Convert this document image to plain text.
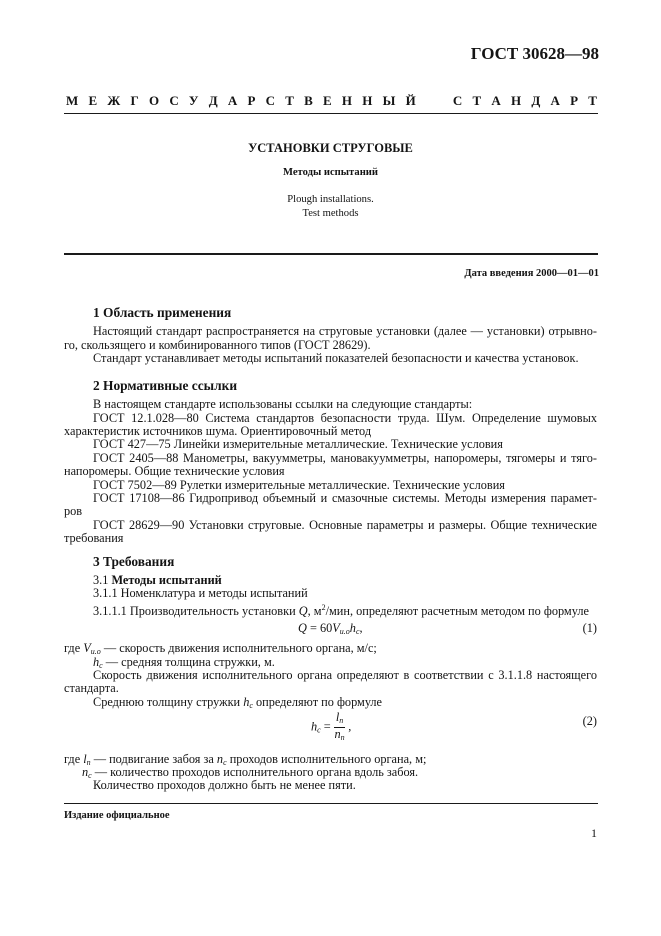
ГОСТ 30628—98
М Е Ж Г О С У Д А Р С Т В Е Н Н Ы Й

	С Т А Н Д А Р Т
УСТАНОВКИ СТРУГОВЫЕ
Методы испытаний
Plough installations.
Test methods
Дата введения 2000—01—01
1 Область применения
Настоящий стандарт распространяется на струговые установки (далее — установки) отрывно-
го, скользящего и комбинированного типов (ГОСТ 28629).
Стандарт устанавливает методы испытаний показателей безопасности и качества установок.
2 Нормативные ссылки
В настоящем стандарте использованы ссылки на следующие стандарты:
ГОСТ 12.1.028—80 Система стандартов безопасности труда. Шум. Определение шумовых
характеристик источников шума. Ориентировочный метод
ГОСТ 427—75 Линейки измерительные металлические. Технические условия
ГОСТ 2405—88 Манометры, вакуумметры, мановакуумметры, напоромеры, тягомеры и тяго-
напоромеры. Общие технические условия
ГОСТ 7502—89 Рулетки измерительные металлические. Технические условия
ГОСТ 17108—86 Гидропривод объемный и смазочные системы. Методы измерения парамет-
ров
ГОСТ 28629—90 Установки струговые. Основные параметры и размеры. Общие технические
требования
3 Требования
3.1 Методы испытаний
3.1.1 Номенклатура и методы испытаний
3.1.1.1 Производительность установки Q, $м^2$/мин, определяют расчетным методом по формуле
$Q = 60V_{и.о}h_с$,	(1)
где $V_{и.о}$ — скорость движения исполнительного органа, м/с;
$h_с$ — средняя толщина стружки, м.
Скорость движения исполнительного органа определяют в соответствии с 3.1.1.8 настоящего
стандарта.
Среднюю толщину стружки $h_с$ определяют по формуле
$h_с = \frac{l_п}{n_п}$ ,	(2)
где $l_п$ — подвигание забоя за $n_с$ проходов исполнительного органа, м;
$n_с$ — количество проходов исполнительного органа вдоль забоя.
Количество проходов должно быть не менее пяти.
Издание официальное
1
